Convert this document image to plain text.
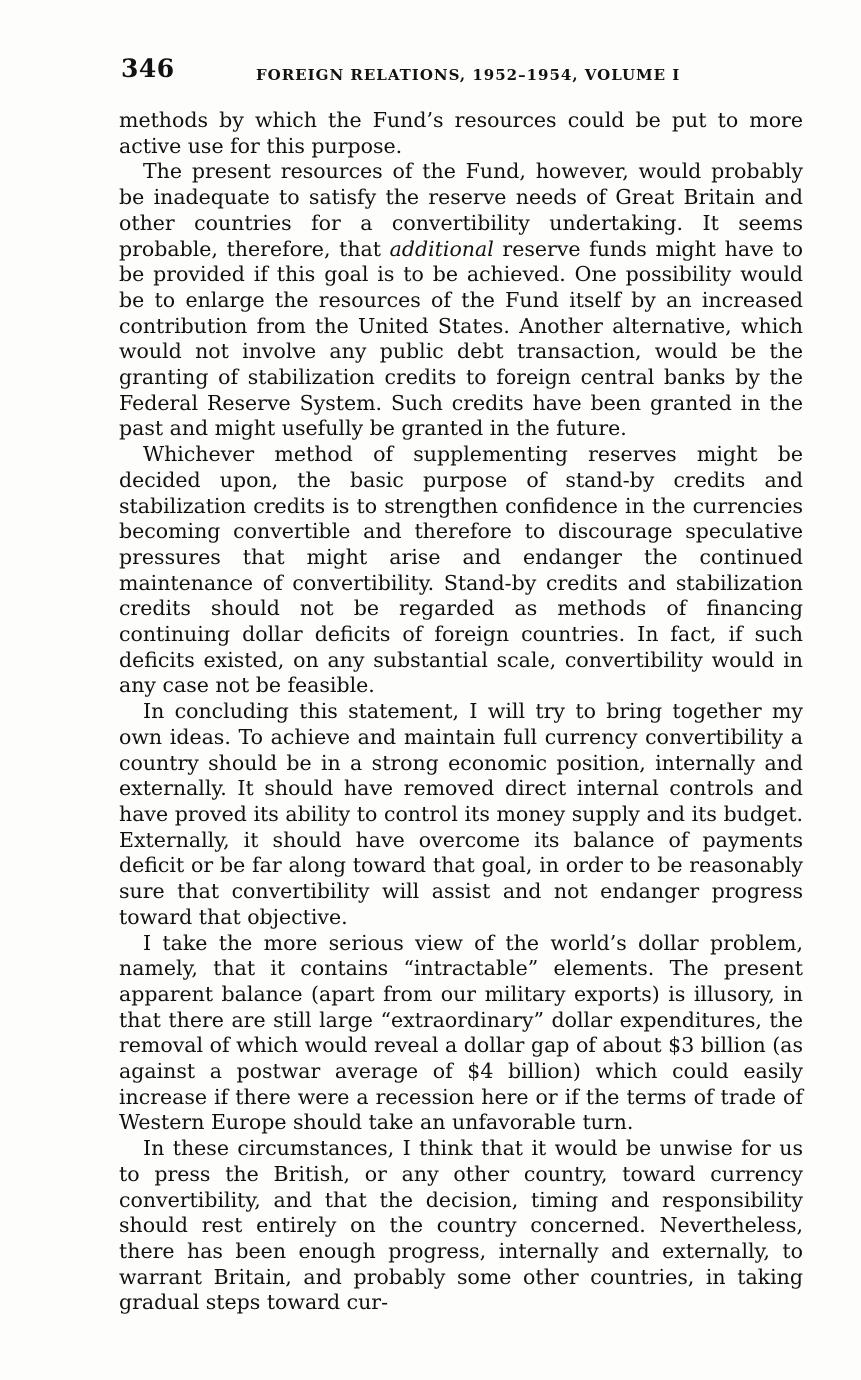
346	FOREIGN RELATIONS, 1952–1954, VOLUME I

methods by which the Fund’s resources could be put to more active use for this purpose.

The present resources of the Fund, however, would probably be inadequate to satisfy the reserve needs of Great Britain and other countries for a convertibility undertaking. It seems probable, therefore, that additional reserve funds might have to be provided if this goal is to be achieved. One possibility would be to enlarge the resources of the Fund itself by an increased contribution from the United States. Another alternative, which would not involve any public debt transaction, would be the granting of stabilization credits to foreign central banks by the Federal Reserve System. Such credits have been granted in the past and might usefully be granted in the future.

Whichever method of supplementing reserves might be decided upon, the basic purpose of stand-by credits and stabilization credits is to strengthen confidence in the currencies becoming convertible and therefore to discourage speculative pressures that might arise and endanger the continued maintenance of convertibility. Stand-by credits and stabilization credits should not be regarded as methods of financing continuing dollar deficits of foreign countries. In fact, if such deficits existed, on any substantial scale, convertibility would in any case not be feasible.

In concluding this statement, I will try to bring together my own ideas. To achieve and maintain full currency convertibility a country should be in a strong economic position, internally and externally. It should have removed direct internal controls and have proved its ability to control its money supply and its budget. Externally, it should have overcome its balance of payments deficit or be far along toward that goal, in order to be reasonably sure that convertibility will assist and not endanger progress toward that objective.

I take the more serious view of the world’s dollar problem, namely, that it contains “intractable” elements. The present apparent balance (apart from our military exports) is illusory, in that there are still large “extraordinary” dollar expenditures, the removal of which would reveal a dollar gap of about $3 billion (as against a postwar average of $4 billion) which could easily increase if there were a recession here or if the terms of trade of Western Europe should take an unfavorable turn.

In these circumstances, I think that it would be unwise for us to press the British, or any other country, toward currency convertibility, and that the decision, timing and responsibility should rest entirely on the country concerned. Nevertheless, there has been enough progress, internally and externally, to warrant Britain, and probably some other countries, in taking gradual steps toward cur-
